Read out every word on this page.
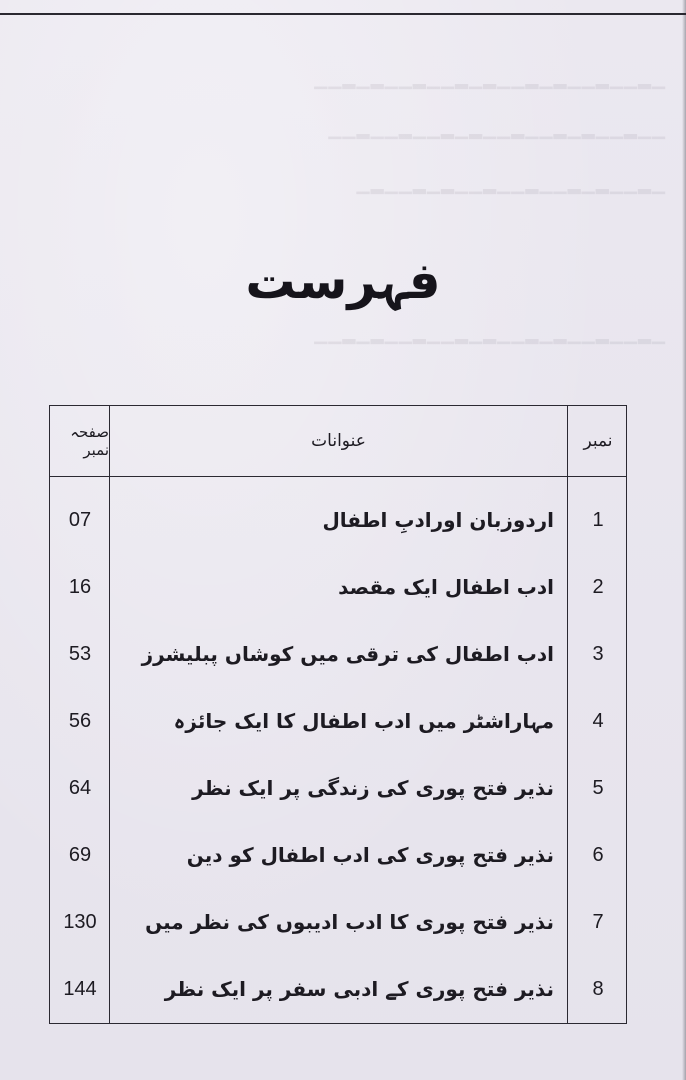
▁▂▁▁▂▁▁▂▁▂▁▁▂▁▂▁▁▂▁▁▂▁▂▁▁
▁▁▂▁▁▂▁▂▁▁▂▁▁▂▁▂▁▁▂▁▁▂▁▁
▁▂▁▁▂▁▂▁▁▂▁▁▂▁▁▂▁▂▁▁▂▁
▁▂▁▁▂▁▁▂▁▂▁▁▂▁▂▁▁▂▁▁▂▁▂▁▁
فہرست
نمبر
عنوانات
صفحہ نمبر
1
اردوزبان اورادبِ اطفال
07
2
ادب اطفال ایک مقصد
16
3
ادب اطفال کی ترقی میں کوشاں پبلیشرز
53
4
مہاراشٹر میں ادب اطفال کا ایک جائزہ
56
5
نذیر فتح پوری کی زندگی پر ایک نظر
64
6
نذیر فتح پوری کی ادب اطفال کو دین
69
7
نذیر فتح پوری کا ادب ادیبوں کی نظر میں
130
8
نذیر فتح پوری کے ادبی سفر پر ایک نظر
144
